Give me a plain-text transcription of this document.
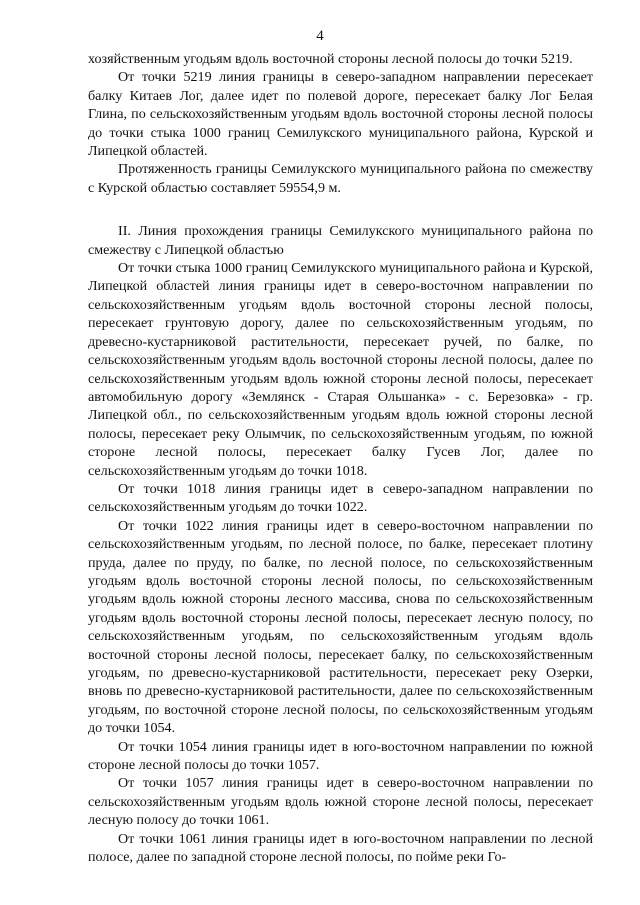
4

хозяйственным угодьям вдоль восточной стороны лесной полосы до точки 5219.

От точки 5219 линия границы в северо-западном направлении пересекает балку Китаев Лог, далее идет по полевой дороге, пересекает балку Лог Белая Глина, по сельскохозяйственным угодьям вдоль восточной стороны лесной полосы до точки стыка 1000 границ Семилукского муниципального района, Курской и Липецкой областей.

Протяженность границы Семилукского муниципального района по смежеству с Курской областью составляет 59554,9 м.

II. Линия прохождения границы Семилукского муниципального района по смежеству с Липецкой областью

От точки стыка 1000 границ Семилукского муниципального района и Курской, Липецкой областей линия границы идет в северо-восточном направлении по сельскохозяйственным угодьям вдоль восточной стороны лесной полосы, пересекает грунтовую дорогу, далее по сельскохозяйственным угодьям, по древесно-кустарниковой растительности, пересекает ручей, по балке, по сельскохозяйственным угодьям вдоль восточной стороны лесной полосы, далее по сельскохозяйственным угодьям вдоль южной стороны лесной полосы, пересекает автомобильную дорогу «Землянск - Старая Ольшанка» - с. Березовка» - гр. Липецкой обл., по сельскохозяйственным угодьям вдоль южной стороны лесной полосы, пересекает реку Олымчик, по сельскохозяйственным угодьям, по южной стороне лесной полосы, пересекает балку Гусев Лог, далее по сельскохозяйственным угодьям до точки 1018.

От точки 1018 линия границы идет в северо-западном направлении по сельскохозяйственным угодьям до точки 1022.

От точки 1022 линия границы идет в северо-восточном направлении по сельскохозяйственным угодьям, по лесной полосе, по балке, пересекает плотину пруда, далее по пруду, по балке, по лесной полосе, по сельскохозяйственным угодьям вдоль восточной стороны лесной полосы, по сельскохозяйственным угодьям вдоль южной стороны лесного массива, снова по сельскохозяйственным угодьям вдоль восточной стороны лесной полосы, пересекает лесную полосу, по сельскохозяйственным угодьям, по сельскохозяйственным угодьям вдоль восточной стороны лесной полосы, пересекает балку, по сельскохозяйственным угодьям, по древесно-кустарниковой растительности, пересекает реку Озерки, вновь по древесно-кустарниковой растительности, далее по сельскохозяйственным угодьям, по восточной стороне лесной полосы, по сельскохозяйственным угодьям до точки 1054.

От точки 1054 линия границы идет в юго-восточном направлении по южной стороне лесной полосы до точки 1057.

От точки 1057 линия границы идет в северо-восточном направлении по сельскохозяйственным угодьям вдоль южной стороне лесной полосы, пересекает лесную полосу до точки 1061.

От точки 1061 линия границы идет в юго-восточном направлении по лесной полосе, далее по западной стороне лесной полосы, по пойме реки Го-
